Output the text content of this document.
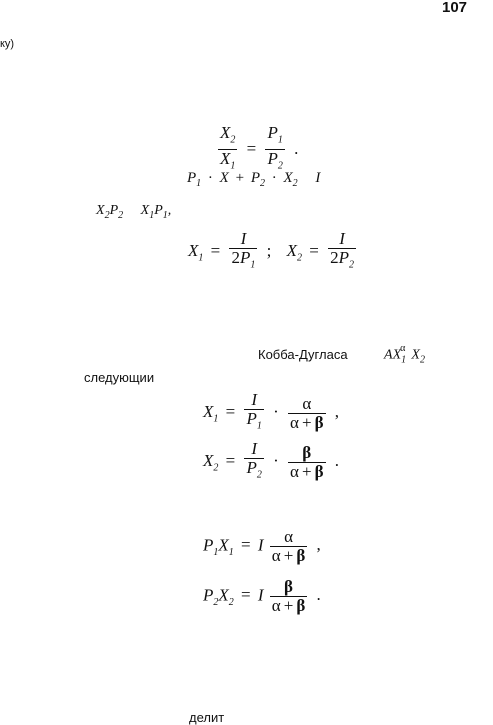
107
ку)
$\frac{X_2}{X_1} = \frac{P_1}{P_2}$ .
$P_1 \cdot X + P_2 \cdot X_2$ I
$X_2P_2$ $X_1P_1$,
$X_1 = \frac{I}{2P_1}$ ; $X_2 = \frac{I}{2P_2}$
Кобба-Дугласа	$AX_1^\alpha$ $X_2$
следующии
$X_1 = \frac{I}{P_1} \cdot \frac{\alpha}{\alpha + \beta}$ ,
$X_2 = \frac{I}{P_2} \cdot \frac{\beta}{\alpha + \beta}$ .
$P_1X_1 = I \frac{\alpha}{\alpha + \beta}$ ,
$P_2X_2 = I \frac{\beta}{\alpha + \beta}$ .
делит
